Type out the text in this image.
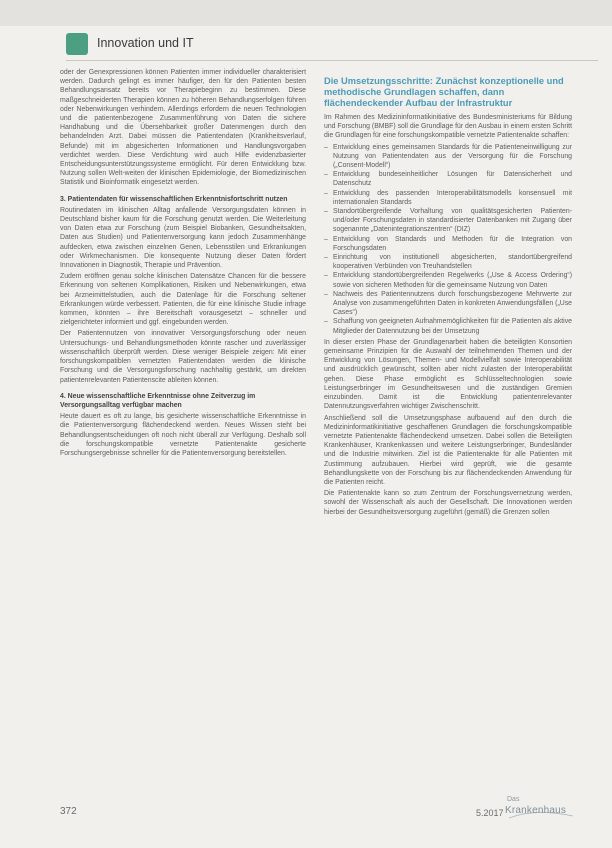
Innovation und IT

oder der Genexpressionen können Patienten immer individueller charakterisiert werden. Dadurch gelingt es immer häufiger, den für den Patienten besten Behandlungsansatz bereits vor Therapiebeginn zu bestimmen. Diese maßgeschneiderten Therapien können zu höheren Behandlungserfolgen führen oder Nebenwirkungen verhindern. Allerdings erfordern die neuen Technologien und die patientenbezogene Zusammenführung von Daten die sichere Handhabung und die Übersehbarkeit großer Datenmengen durch den behandelnden Arzt. Dabei müssen die Patientendaten (Krankheitsverlauf, Befunde) mit im abgesicherten Informationen und Handlungsvorgaben verdichtet werden. Diese Verdichtung wird auch Hilfe evidenzbasierter Entscheidungsunterstützungssysteme ermöglicht. Für deren Entwicklung bzw. Nutzung sollen Welt-weiten der klinischen Epidemiologie, der Biomedizinischen Statistik und Bioinformatik eingesetzt werden.

3. Patientendaten für wissenschaftlichen Erkenntnisfortschritt nutzen

Routinedaten im klinischen Alltag anfallende Versorgungsdaten können in Deutschland bisher kaum für die Forschung genutzt werden. Die Weiterleitung von Daten etwa zur Forschung (zum Beispiel Biobanken, Gesundheitsakten, Daten aus Studien) und Patientenversorgung kann jedoch Zusammenhänge aufdecken, etwa zwischen einzelnen Genen, Lebensstilen und Erkrankungen oder Wirkmechanismen. Die konsequente Nutzung dieser Daten fördert Innovationen in Diagnostik, Therapie und Prävention.

Zudem eröffnen genau solche klinischen Datensätze Chancen für die bessere Erkennung von seltenen Komplikationen, Risiken und Nebenwirkungen, etwa bei Arzneimittelstudien, auch die Datenlage für die Forschung seltener Erkrankungen würde verbessert. Patienten, die für eine klinische Studie infrage kommen, könnten – ihre Bereitschaft vorausgesetzt – schneller und zielgerichteter informiert und ggf. eingebunden werden.

Der Patientennutzen von innovativer Versorgungsforschung oder neuen Untersuchungs- und Behandlungsmethoden könnte rascher und zuverlässiger wissenschaftlich überprüft werden. Diese weniger Beispiele zeigen: Mit einer forschungskompatiblen vernetzten Patientendaten werden die klinische Forschung und die Versorgungsforschung nachhaltig gestärkt, um direkten patientenrelevanten Patientenscite ableiten können.

4. Neue wissenschaftliche Erkenntnisse ohne Zeitverzug im Versorgungsalltag verfügbar machen

Heute dauert es oft zu lange, bis gesicherte wissenschaftliche Erkenntnisse in die Patientenversorgung flächendeckend werden. Neues Wissen steht bei Behandlungsentscheidungen oft noch nicht überall zur Verfügung. Deshalb soll die forschungskompatible vernetzte Patientenakte gesicherte Forschungsergebnisse schneller für die Patientenversorgung bereitstellen.

Die Umsetzungsschritte: Zunächst konzeptionelle und methodische Grundlagen schaffen, dann flächendeckender Aufbau der Infrastruktur

Im Rahmen des Medizininformatikinitiative des Bundesministeriums für Bildung und Forschung (BMBF) soll die Grundlage für den Ausbau in einem ersten Schritt die Grundlagen für eine forschungskompatible vernetzte Patientenakte schaffen:

– Entwicklung eines gemeinsamen Standards für die Patienteneinwilligung zur Nutzung von Patientendaten aus der Versorgung für die Forschung („Consent-Modell“)
– Entwicklung bundeseinheitlicher Lösungen für Datensicherheit und Datenschutz
– Entwicklung des passenden Interoperabilitätsmodells konsensuell mit internationalen Standards
– Standortübergreifende Vorhaltung von qualitätsgesicherten Patienten- und/oder Forschungsdaten in standardisierter Datenbanken mit Zugang über sogenannte „Datenintegrationszentren“ (DIZ)
– Entwicklung von Standards und Methoden für die Integration von Forschungsdaten
– Einrichtung von institutionell abgesicherten, standortübergreifend kooperativen Verbünden von Treuhandstellen
– Entwicklung standortübergreifenden Regelwerks („Use & Access Ordering“) sowie von sicheren Methoden für die gemeinsame Nutzung von Daten
– Nachweis des Patientennutzens durch forschungsbezogene Mehrwerte zur Analyse von zusammengeführten Daten in konkreten Anwendungsfällen („Use Cases“)
– Schaffung von geeigneten Aufnahmemöglichkeiten für die Patienten als aktive Mitglieder der Datennutzung bei der Umsetzung

In dieser ersten Phase der Grundlagenarbeit haben die beteiligten Konsortien gemeinsame Prinzipien für die Auswahl der teilnehmenden Themen und der Entwicklung von Lösungen, Themen- und Modellvielfalt sowie Interoperabilität und ausdrücklich gewünscht, sollten aber nicht zulasten der Interoperabilität gehen. Diese Phase ermöglicht es Schlüsseltechnologien sowie Leistungserbringer im Gesundheitswesen und die zuständigen Gremien einzubinden. Damit ist die Entwicklung patientenrelevanter Datennutzungsverfahren wichtiger Zwischenschritt.

Anschließend soll die Umsetzungsphase aufbauend auf den durch die Medizininformatikinitiative geschaffenen Grundlagen die forschungskompatible vernetzte Patientenakte flächendeckend umsetzen. Dabei sollen die Beteiligten Krankenhäuser, Krankenkassen und weitere Leistungserbringer, Bundesländer und die Industrie mitwirken. Ziel ist die Patientenakte für alle Patienten mit Zustimmung aufzubauen. Hierbei wird geprüft, wie die gesamte Behandlungskette von der Forschung bis zur flächendeckenden Anwendung für die Patienten reicht.

Die Patientenakte kann so zum Zentrum der Forschungsvernetzung werden, sowohl der Wissenschaft als auch der Gesellschaft. Die Innovationen werden hierbei der Gesundheitsversorgung zugeführt (gemäß) die Grenzen sollen

372	5.2017
Das
Krankenhaus
